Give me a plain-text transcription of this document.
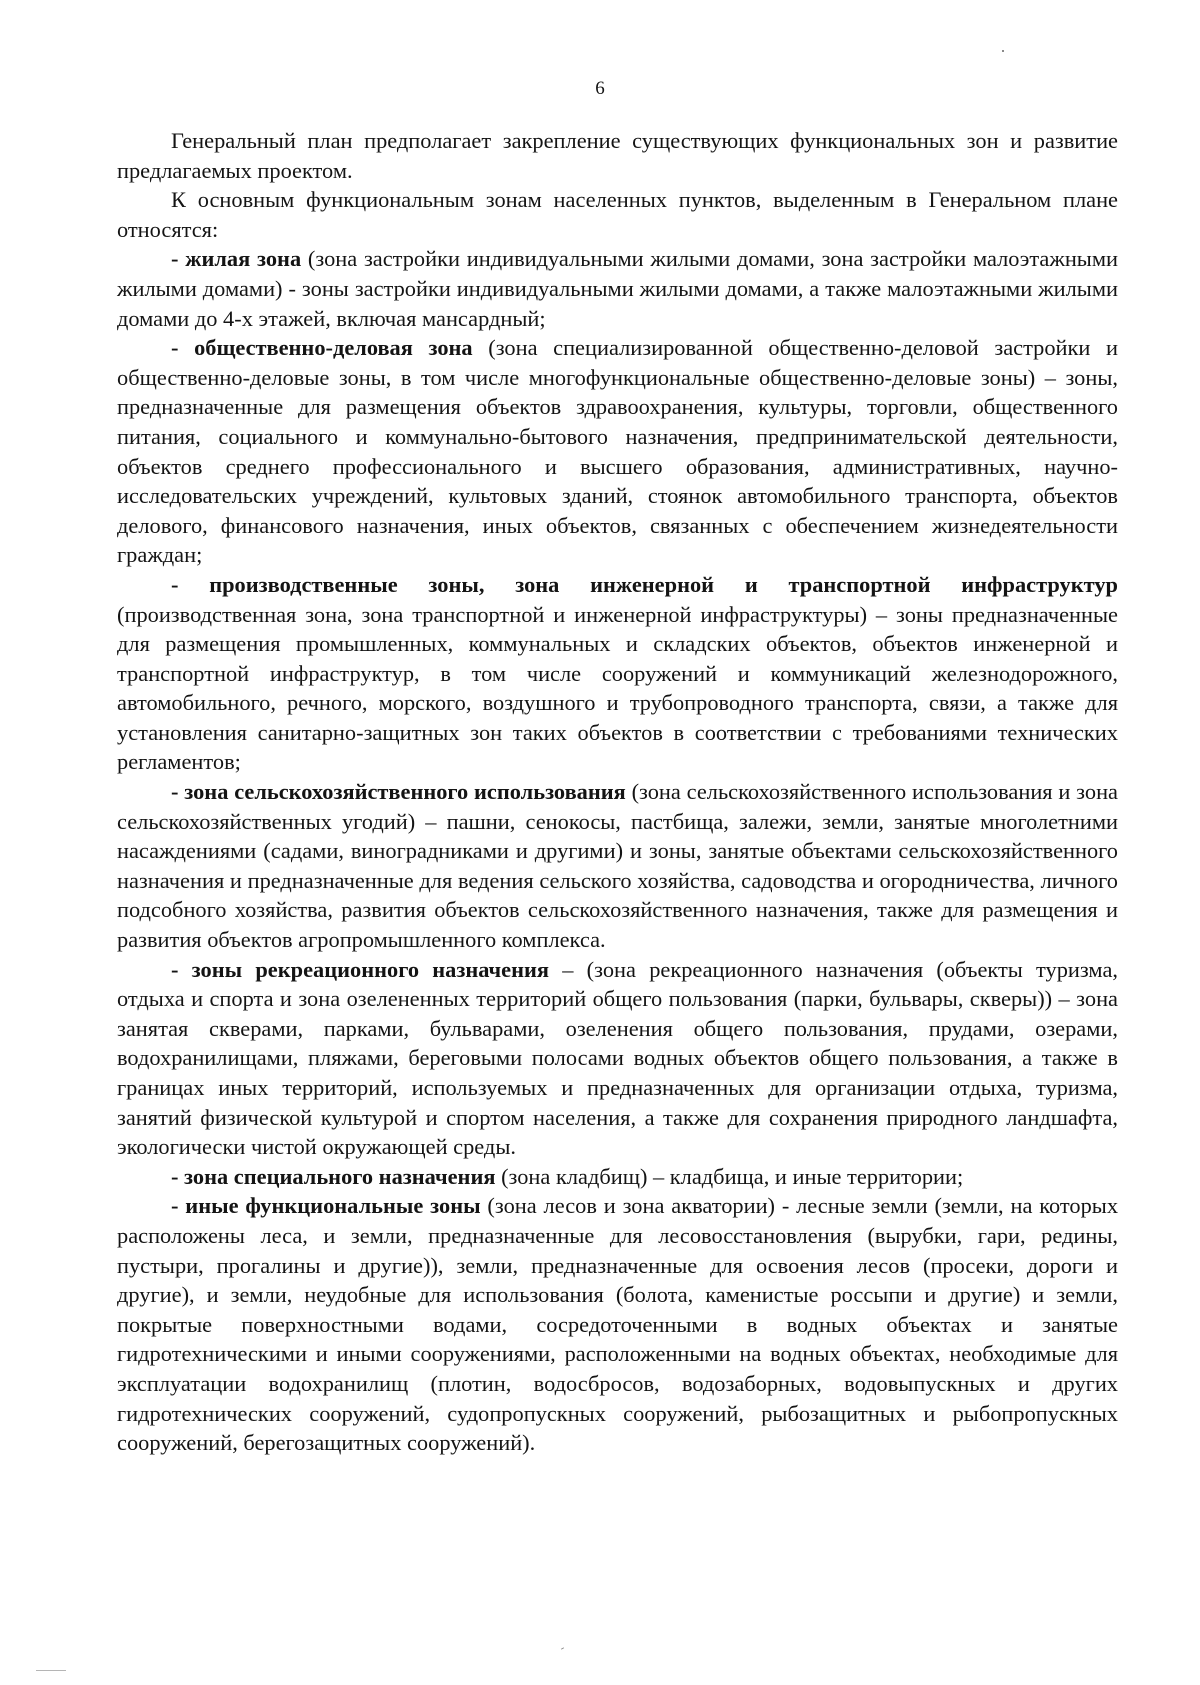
6

Генеральный план предполагает закрепление существующих функциональных зон и развитие предлагаемых проектом.

К основным функциональным зонам населенных пунктов, выделенным в Генеральном плане относятся:

- жилая зона (зона застройки индивидуальными жилыми домами, зона застройки малоэтажными жилыми домами) - зоны застройки индивидуальными жилыми домами, а также малоэтажными жилыми домами до 4-х этажей, включая мансардный;

- общественно-деловая зона (зона специализированной общественно-деловой застройки и общественно-деловые зоны, в том числе многофункциональные общественно-деловые зоны) – зоны, предназначенные для размещения объектов здравоохранения, культуры, торговли, общественного питания, социального и коммунально-бытового назначения, предпринимательской деятельности, объектов среднего профессионального и высшего образования, административных, научно-исследовательских учреждений, культовых зданий, стоянок автомобильного транспорта, объектов делового, финансового назначения, иных объектов, связанных с обеспечением жизнедеятельности граждан;

- производственные зоны, зона инженерной и транспортной инфраструктур (производственная зона, зона транспортной и инженерной инфраструктуры) – зоны предназначенные для размещения промышленных, коммунальных и складских объектов, объектов инженерной и транспортной инфраструктур, в том числе сооружений и коммуникаций железнодорожного, автомобильного, речного, морского, воздушного и трубопроводного транспорта, связи, а также для установления санитарно-защитных зон таких объектов в соответствии с требованиями технических регламентов;

- зона сельскохозяйственного использования (зона сельскохозяйственного использования и зона сельскохозяйственных угодий) – пашни, сенокосы, пастбища, залежи, земли, занятые многолетними насаждениями (садами, виноградниками и другими) и зоны, занятые объектами сельскохозяйственного назначения и предназначенные для ведения сельского хозяйства, садоводства и огородничества, личного подсобного хозяйства, развития объектов сельскохозяйственного назначения, также для размещения и развития объектов агропромышленного комплекса.

- зоны рекреационного назначения – (зона рекреационного назначения (объекты туризма, отдыха и спорта и зона озелененных территорий общего пользования (парки, бульвары, скверы)) – зона занятая скверами, парками, бульварами, озеленения общего пользования, прудами, озерами, водохранилищами, пляжами, береговыми полосами водных объектов общего пользования, а также в границах иных территорий, используемых и предназначенных для организации отдыха, туризма, занятий физической культурой и спортом населения, а также для сохранения природного ландшафта, экологически чистой окружающей среды.

- зона специального назначения (зона кладбищ) – кладбища, и иные территории;

- иные функциональные зоны (зона лесов и зона акватории) - лесные земли (земли, на которых расположены леса, и земли, предназначенные для лесовосстановления (вырубки, гари, редины, пустыри, прогалины и другие)), земли, предназначенные для освоения лесов (просеки, дороги и другие), и земли, неудобные для использования (болота, каменистые россыпи и другие) и земли, покрытые поверхностными водами, сосредоточенными в водных объектах и занятые гидротехническими и иными сооружениями, расположенными на водных объектах, необходимые для эксплуатации водохранилищ (плотин, водосбросов, водозаборных, водовыпускных и других гидротехнических сооружений, судопропускных сооружений, рыбозащитных и рыбопропускных сооружений, берегозащитных сооружений).
